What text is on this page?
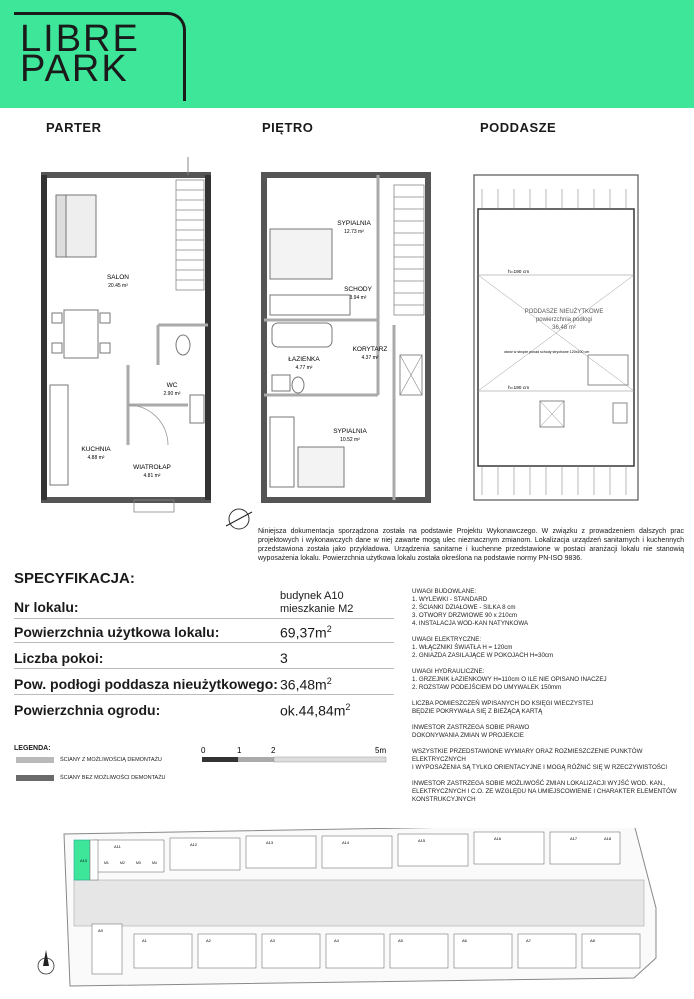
LIBRE
PARK
PARTER	PIĘTRO	PODDASZE
SALON
20.45 m²
WC
2.90 m²
KUCHNIA
4.88 m²
WIATROŁAP
4.81 m²
SYPIALNIA
12.73 m²
SCHODY
3.94 m²
ŁAZIENKA
4.77 m²
KORYTARZ
4.37 m²
SYPIALNIA
10.52 m²
h=190 cm
h=190 cm
PODDASZE NIEUŻYTKOWE
powierzchnia podłogi
36,48 m²
otwór w stropie ponad schody strychowe 120x100 cm
Niniejsza dokumentacja sporządzona została na podstawie Projektu Wykonawczego. W związku z prowadzeniem dalszych prac projektowych i wykonawczych dane w niej zawarte mogą ulec nieznacznym zmianom. Lokalizacja urządzeń sanitarnych i kuchennych przedstawiona została jako przykładowa. Urządzenia sanitarne i kuchenne przedstawione w postaci aranżacji lokalu nie stanowią wyposażenia lokalu. Powierzchnia użytkowa lokalu została określona na podstawie normy PN-ISO 9836.
SPECYFIKACJA:
Nr lokalu:
budynek A10
mieszkanie M2
Powierzchnia użytkowa lokalu:	$69,37m^2$
Liczba pokoi:	3
Pow. podłogi poddasza nieużytkowego: $36,48m^2$
Powierzchnia ogrodu:	$ok.44,84m^2$
UWAGI BUDOWLANE:
1. WYLEWKI - STANDARD
2. ŚCIANKI DZIAŁOWE - SILKA 8 cm
3. OTWORY DRZWIOWE 90 x 210cm
4. INSTALACJA WOD-KAN NATYNKOWA
UWAGI ELEKTRYCZNE:
1. WŁĄCZNIKI ŚWIATŁA H = 120cm
2. GNIAZDA ZASILAJĄCE W POKOJACH H=30cm
UWAGI HYDRAULICZNE:
1. GRZEJNIK ŁAZIENKOWY H=110cm O ILE NIE OPISANO INACZEJ
2. ROZSTAW PODEJŚCIEM DO UMYWALEK 150mm
LICZBA POMIESZCZEŃ WPISANYCH DO KSIĘGI WIECZYSTEJ
BĘDZIE POKRYWAŁA SIĘ Z BIEŻĄCĄ KARTĄ
INWESTOR ZASTRZEGA SOBIE PRAWO
DOKONYWANIA ZMIAN W PROJEKCIE
WSZYSTKIE PRZEDSTAWIONE WYMIARY ORAZ ROZMIESZCZENIE PUNKTÓW ELEKTRYCZNYCH
I WYPOSAŻENIA SĄ TYLKO ORIENTACYJNE I MOGĄ RÓŻNIĆ SIĘ W RZECZYWISTOŚCI
INWESTOR ZASTRZEGA SOBIE MOŻLIWOŚĆ ZMIAN LOKALIZACJI WYJŚĆ WOD. KAN.,
ELEKTRYCZNYCH I C.O. ZE WZGLĘDU NA UMIEJSCOWIENIE I CHARAKTER ELEMENTÓW
KONSTRUKCYJNYCH
LEGENDA:
ŚCIANY Z MOŻLIWOŚCIĄ DEMONTAŻU
ŚCIANY BEZ MOŻLIWOŚCI DEMONTAŻU
0	1	2	5m
A10
A11	A12	A13	A14	A15	A16	A17	A18
A1	A2	A3	A4	A5	A6	A7	A8
A9
M1	M2	M3	M4
